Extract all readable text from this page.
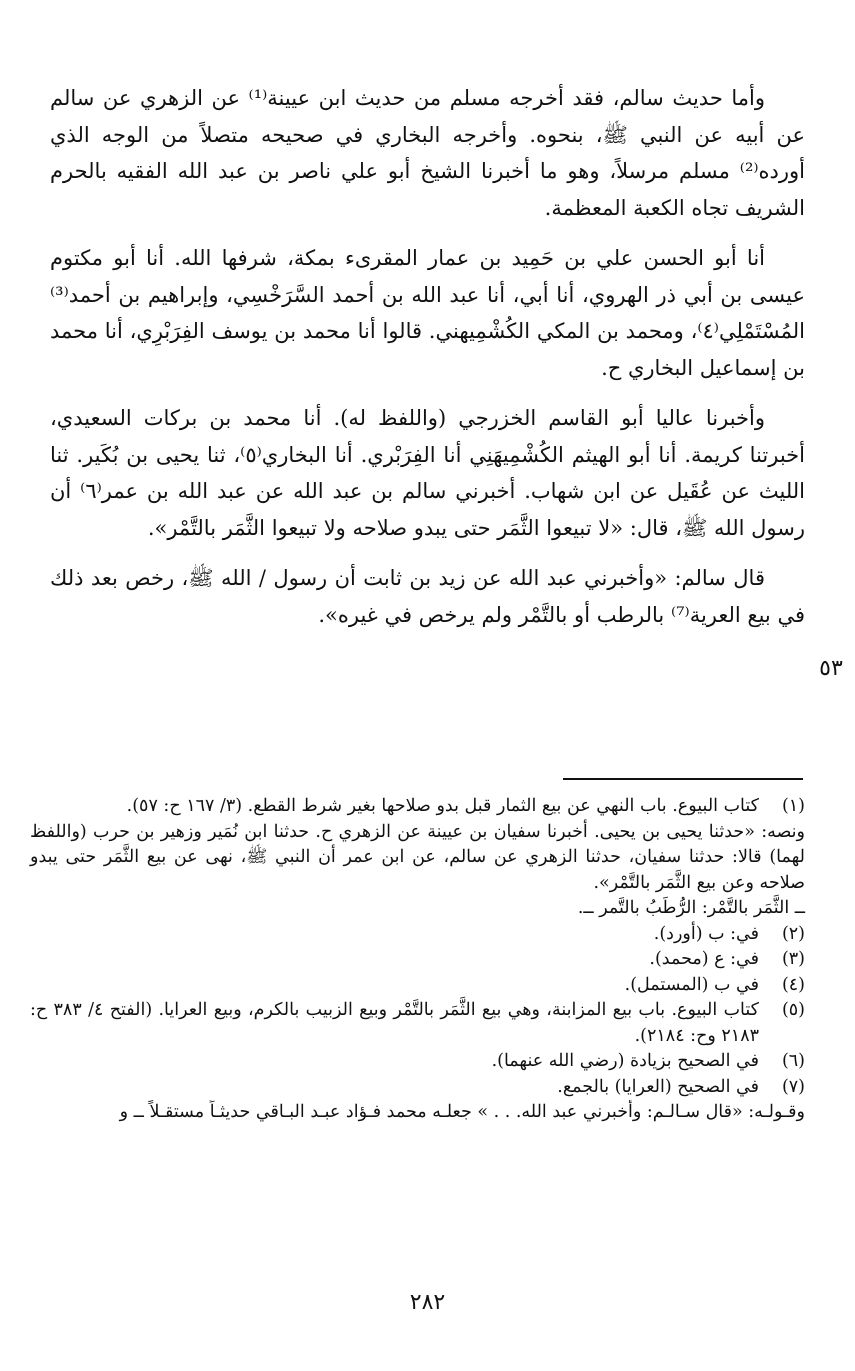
وأما حديث سالم، فقد أخرجه مسلم من حديث ابن عيينة⁽¹⁾ عن الزهري عن سالم عن أبيه عن النبي ﷺ، بنحوه. وأخرجه البخاري في صحيحه متصلاً من الوجه الذي أورده⁽²⁾ مسلم مرسلاً، وهو ما أخبرنا الشيخ أبو علي ناصر بن عبد الله الفقيه بالحرم الشريف تجاه الكعبة المعظمة.

أنا أبو الحسن علي بن حَمِيد بن عمار المقرىء بمكة، شرفها الله. أنا أبو مكتوم عيسى بن أبي ذر الهروي، أنا أبي، أنا عبد الله بن أحمد السَّرَخْسِي، وإبراهيم بن أحمد⁽³⁾ المُسْتَمْلِي⁽٤⁾، ومحمد بن المكي الكُشْمِيهني. قالوا أنا محمد بن يوسف الفِرَبْرِي، أنا محمد بن إسماعيل البخاري ح.

وأخبرنا عاليا أبو القاسم الخزرجي (واللفظ له). أنا محمد بن بركات السعيدي، أخبرتنا كريمة. أنا أبو الهيثم الكُشْمِيهَنِي أنا الفِرَبْري. أنا البخاري⁽٥⁾، ثنا يحيى بن بُكَير. ثنا الليث عن عُقَيل عن ابن شهاب. أخبرني سالم بن عبد الله عن عبد الله بن عمر⁽٦⁾ أن رسول الله ﷺ، قال: «لا تبيعوا الثَّمَر حتى يبدو صلاحه ولا تبيعوا الثَّمَر بالتَّمْر».

قال سالم: «وأخبرني عبد الله عن زيد بن ثابت أن رسول / الله ﷺ، رخص بعد ذلك في بيع العرية⁽⁷⁾ بالرطب أو بالتَّمْر ولم يرخص في غيره».

٥٣
(١)
كتاب البيوع. باب النهي عن بيع الثمار قبل بدو صلاحها بغير شرط القطع. (٣/ ١٦٧ ح: ٥٧).
ونصه: «حدثنا يحيى بن يحيى. أخبرنا سفيان بن عيينة عن الزهري ح. حدثنا ابن نُمَير وزهير بن حرب (واللفظ لهما) قالا: حدثنا سفيان، حدثنا الزهري عن سالم، عن ابن عمر أن النبي ﷺ، نهى عن بيع الثَّمَر حتى يبدو صلاحه وعن بيع الثَّمَر بالتَّمْر».
ــ الثَّمَر بالتَّمْر: الرُّطَبُ بالتَّمر ــ.
(٢)
في: ب (أورد).
(٣)
في: ع (محمد).
(٤)
في ب (المستمل).
(٥)
كتاب البيوع. باب بيع المزابنة، وهي بيع الثَّمَر بالتَّمْر وبيع الزبيب بالكرم، وبيع العرايا. (الفتح ٤/ ٣٨٣ ح: ٢١٨٣ وح: ٢١٨٤).
(٦)
في الصحيح بزيادة (رضي الله عنهما).
(٧)
في الصحيح (العرايا) بالجمع.
وقـولـه: «قال سـالـم: وأخبرني عبد الله. . . » جعلـه محمد فـؤاد عبـد البـاقي حديثـاً مستقـلاً ــ و
٢٨٢
